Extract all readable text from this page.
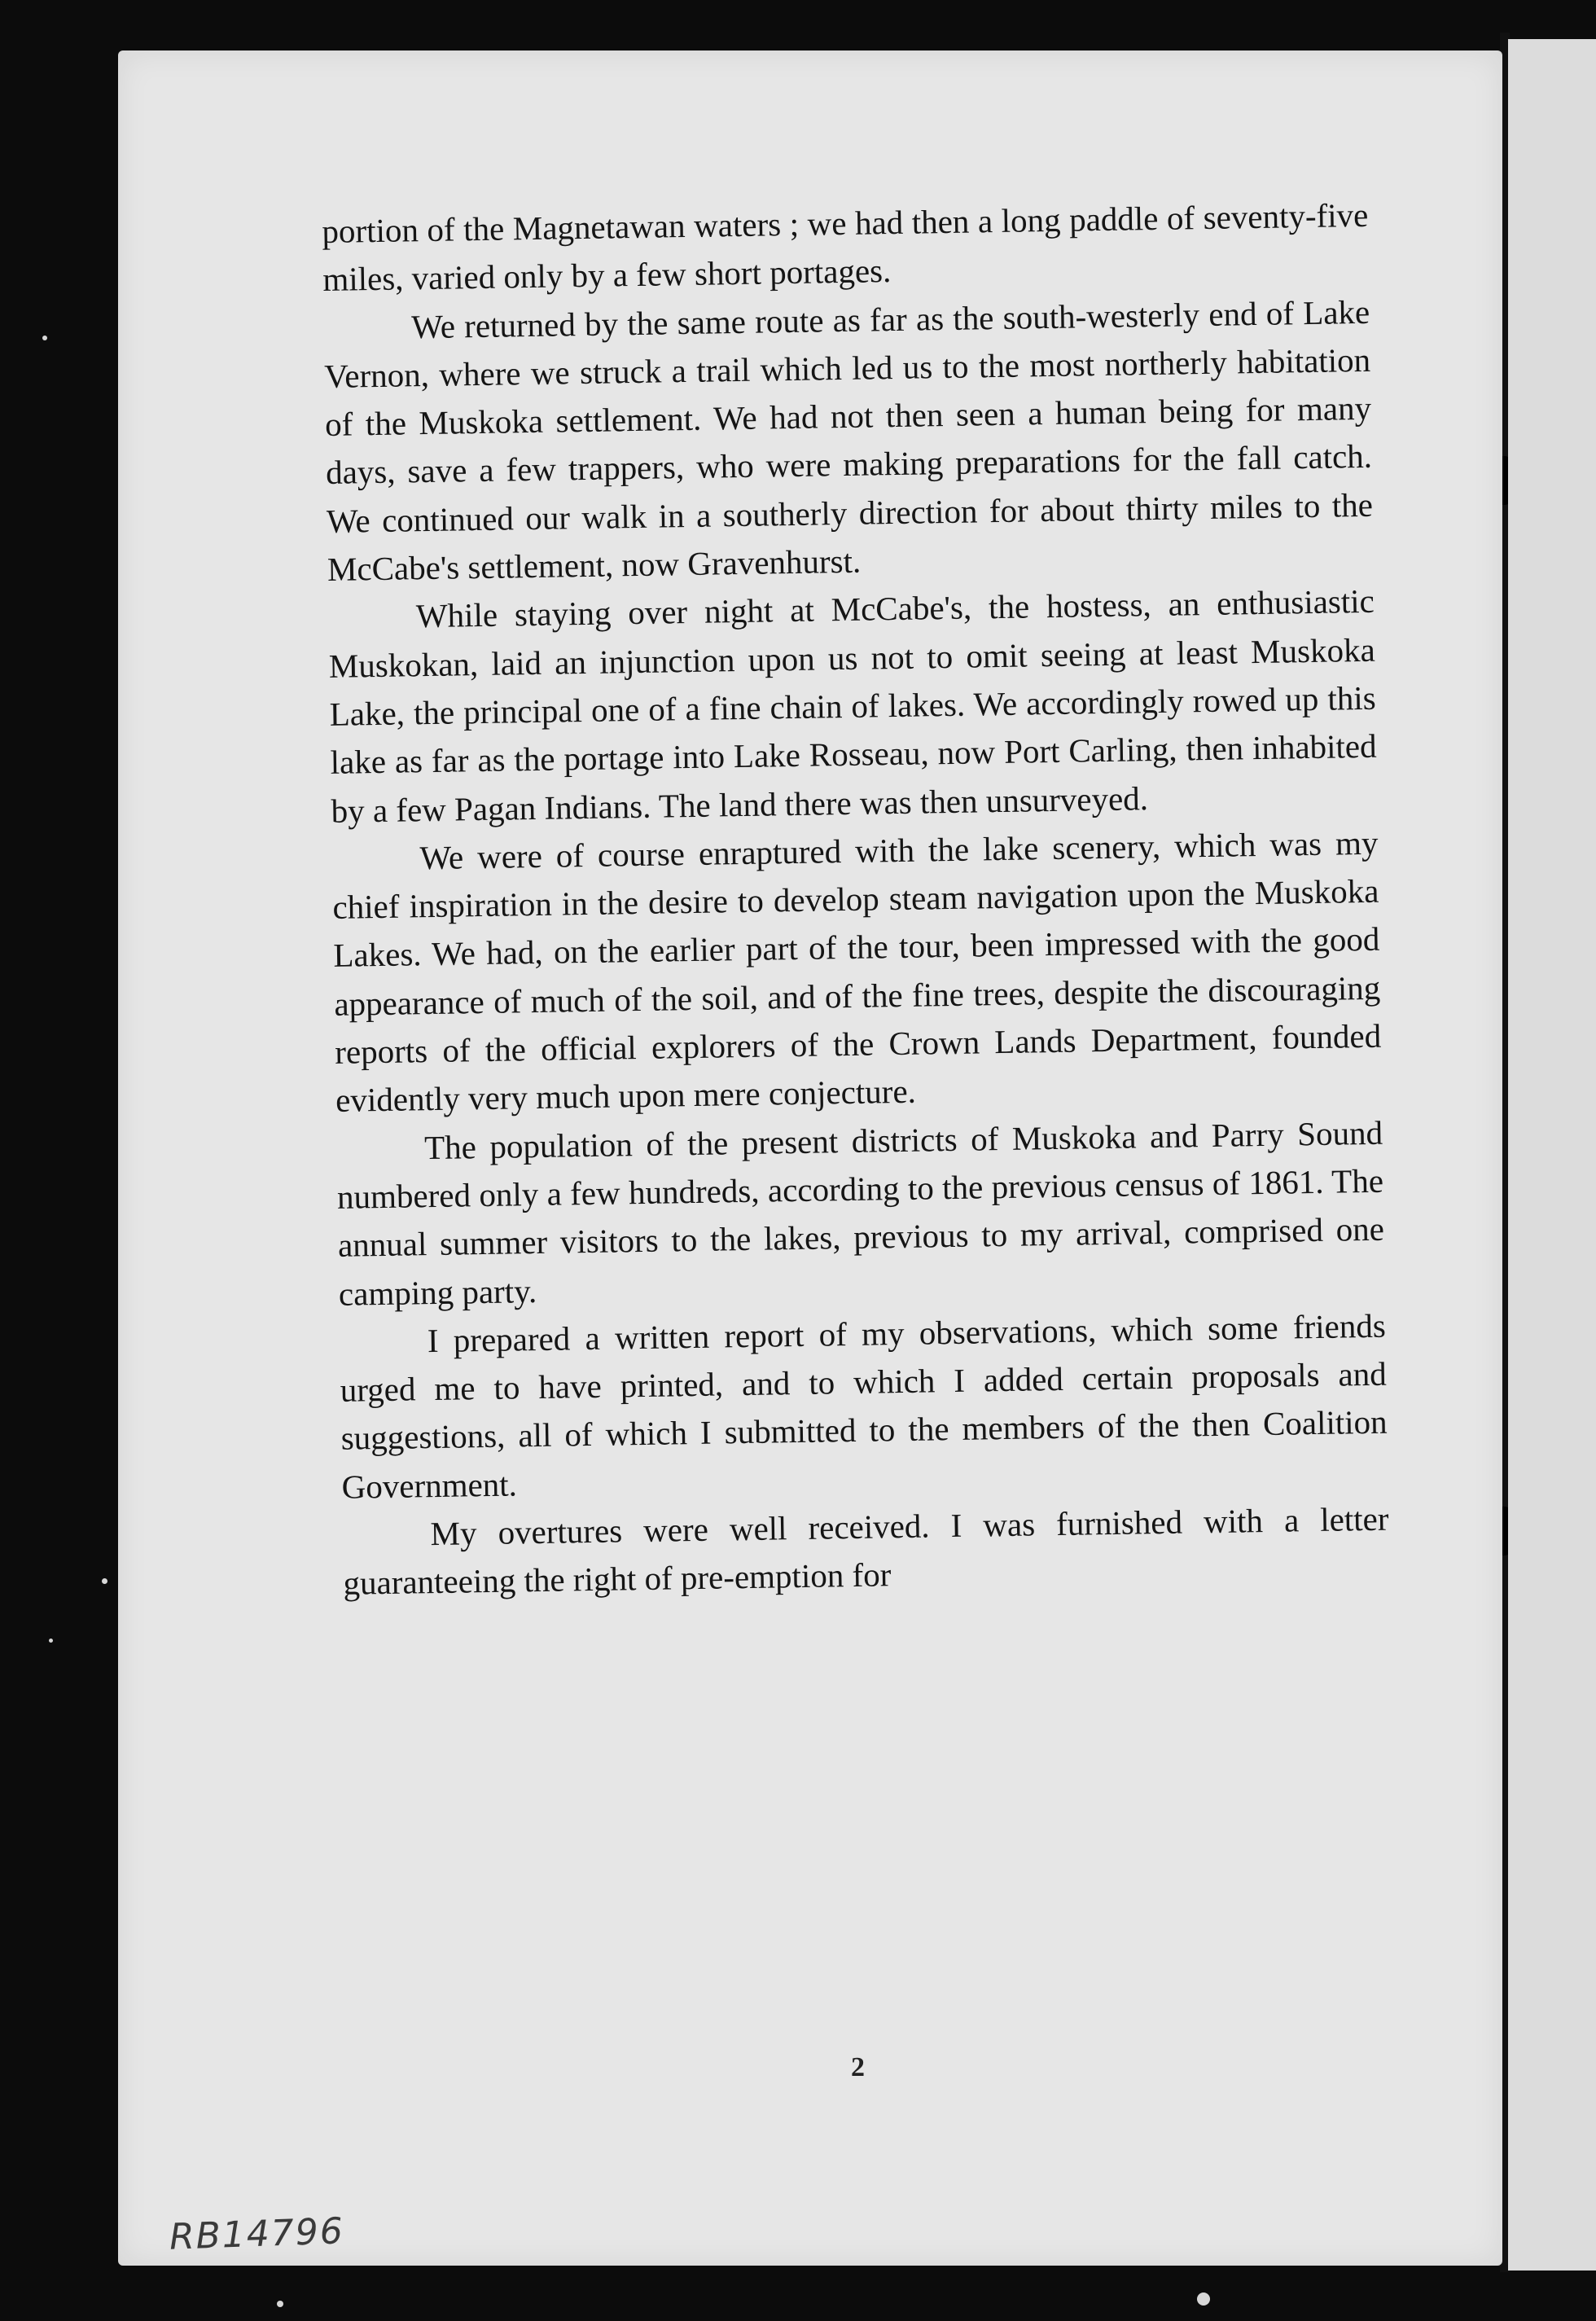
portion of the Magnetawan waters ; we had then a long paddle of seventy-five miles, varied only by a few short portages.

We returned by the same route as far as the south-westerly end of Lake Vernon, where we struck a trail which led us to the most northerly habitation of the Muskoka settlement. We had not then seen a human being for many days, save a few trappers, who were making preparations for the fall catch. We continued our walk in a southerly direction for about thirty miles to the McCabe's settlement, now Gravenhurst.

While staying over night at McCabe's, the hostess, an enthusiastic Muskokan, laid an injunction upon us not to omit seeing at least Muskoka Lake, the principal one of a fine chain of lakes. We accordingly rowed up this lake as far as the portage into Lake Rosseau, now Port Carling, then inhabited by a few Pagan Indians. The land there was then unsurveyed.

We were of course enraptured with the lake scenery, which was my chief inspiration in the desire to develop steam navigation upon the Muskoka Lakes. We had, on the earlier part of the tour, been impressed with the good appearance of much of the soil, and of the fine trees, despite the discouraging reports of the official explorers of the Crown Lands Department, founded evidently very much upon mere conjecture.

The population of the present districts of Muskoka and Parry Sound numbered only a few hundreds, according to the previous census of 1861. The annual summer visitors to the lakes, previous to my arrival, comprised one camping party.

I prepared a written report of my observations, which some friends urged me to have printed, and to which I added certain proposals and suggestions, all of which I submitted to the members of the then Coalition Government.

My overtures were well received. I was furnished with a letter guaranteeing the right of pre-emption for

2
RB14796
